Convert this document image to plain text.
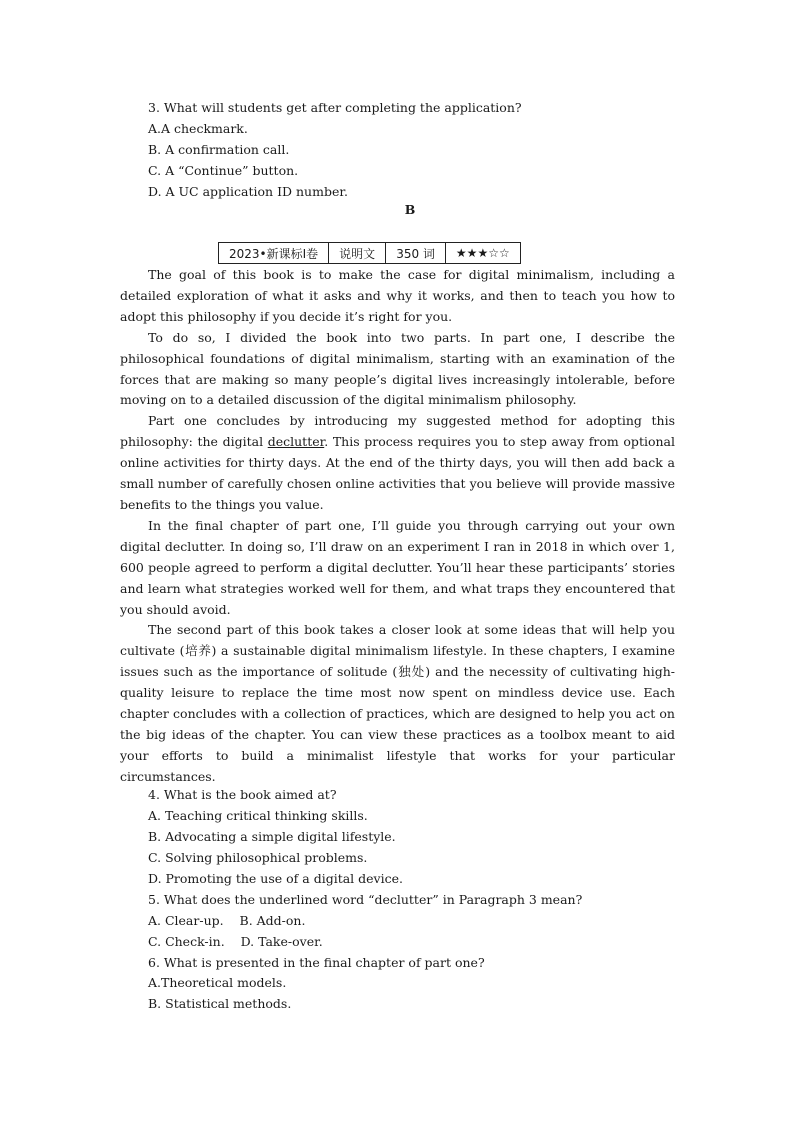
3. What will students get after completing the application?
A.A checkmark.
B. A confirmation call.
C. A “Continue” button.
D. A UC application ID number.
B
2023•新课标Ⅰ卷	说明文	350 词	★★★☆☆

The goal of this book is to make the case for digital minimalism, including a detailed exploration of what it asks and why it works, and then to teach you how to adopt this philosophy if you decide it’s right for you.

To do so, I divided the book into two parts. In part one, I describe the philosophical foundations of digital minimalism, starting with an examination of the forces that are making so many people’s digital lives increasingly intolerable, before moving on to a detailed discussion of the digital minimalism philosophy.

Part one concludes by introducing my suggested method for adopting this philosophy: the digital declutter. This process requires you to step away from optional online activities for thirty days. At the end of the thirty days, you will then add back a small number of carefully chosen online activities that you believe will provide massive benefits to the things you value.

In the final chapter of part one, I’ll guide you through carrying out your own digital declutter. In doing so, I’ll draw on an experiment I ran in 2018 in which over 1, 600 people agreed to perform a digital declutter. You’ll hear these participants’ stories and learn what strategies worked well for them, and what traps they encountered that you should avoid.

The second part of this book takes a closer look at some ideas that will help you cultivate (培养) a sustainable digital minimalism lifestyle. In these chapters, I examine issues such as the importance of solitude (独处) and the necessity of cultivating high-quality leisure to replace the time most now spent on mindless device use. Each chapter concludes with a collection of practices, which are designed to help you act on the big ideas of the chapter. You can view these practices as a toolbox meant to aid your efforts to build a minimalist lifestyle that works for your particular circumstances.

4. What is the book aimed at?
A. Teaching critical thinking skills.
B. Advocating a simple digital lifestyle.
C. Solving philosophical problems.
D. Promoting the use of a digital device.
5. What does the underlined word “declutter” in Paragraph 3 mean?
A. Clear-up.    B. Add-on.
C. Check-in.    D. Take-over.
6. What is presented in the final chapter of part one?
A.Theoretical models.
B. Statistical methods.
